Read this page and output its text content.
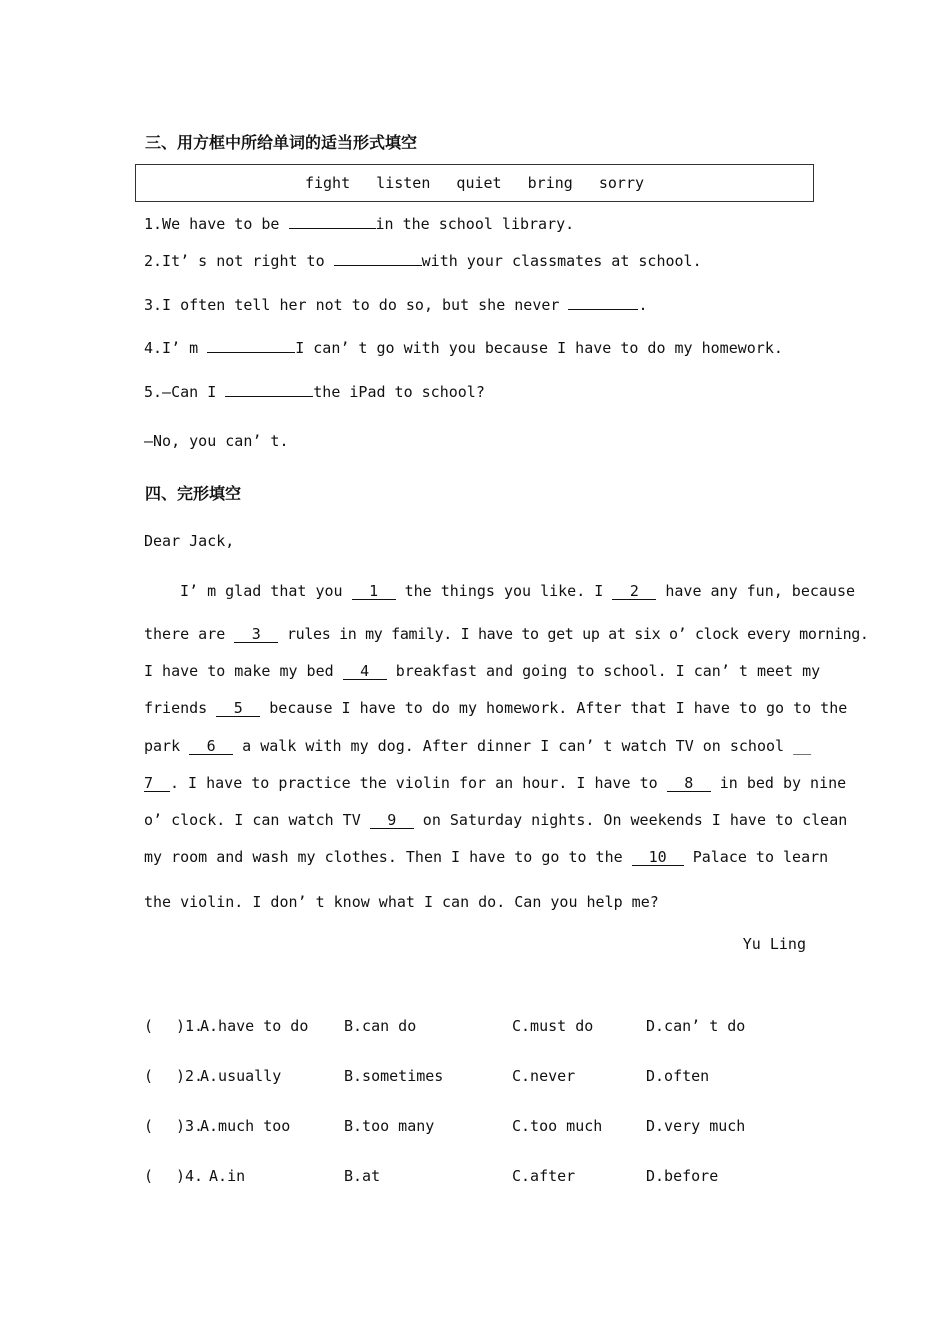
三、用方框中所给单词的适当形式填空
fight  listen  quiet  bring  sorry
1.We have to be	in the school library.
2.It’ s not right to	with your classmates at school.
3.I often tell her not to do so, but she never	.
4.I’ m	I can’ t go with you because I have to do my homework.
5.—Can I	the iPad to school?
—No, you can’ t.
四、完形填空
Dear Jack,
I’ m glad that you 1 the things you like. I 2 have any fun, because
there are 3 rules in my family. I have to get up at six o’ clock every morning.
I have to make my bed 4 breakfast and going to school. I can’ t meet my
friends 5 because I have to do my homework. After that I have to go to the
park 6 a walk with my dog. After dinner I can’ t watch TV on school __
7 . I have to practice the violin for an hour. I have to 8 in bed by nine
o’ clock. I can watch TV 9 on Saturday nights. On weekends I have to clean
my room and wash my clothes. Then I have to go to the 10 Palace to learn
the violin. I don’ t know what I can do. Can you help me?
Yu Ling
( )1.
A.have to do B.can do	C.must do	D.can’ t do
( )2.
A.usually	B.sometimes	C.never	D.often
( )3.
A.much too	B.too many	C.too much	D.very much
( )4.
A.in	B.at	C.after	D.before
